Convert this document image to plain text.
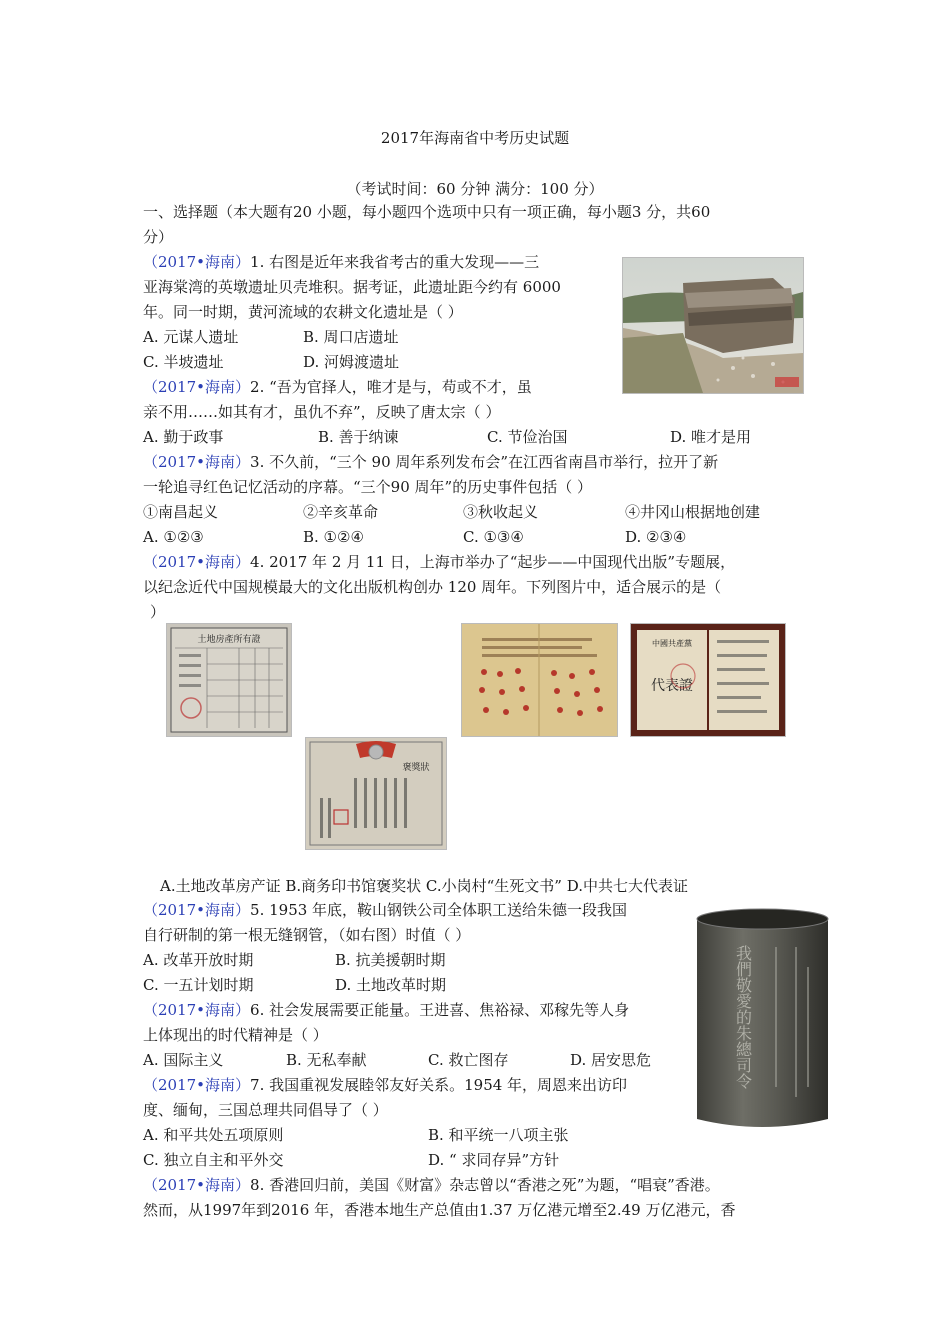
2017年海南省中考历史试题
（考试时间：60 分钟 满分：100 分）
一、选择题（本大题有20 小题，每小题四个选项中只有一项正确，每小题3 分，共60
分）
（2017•海南）1. 右图是近年来我省考古的重大发现——三
亚海棠湾的英墩遗址贝壳堆积。据考证，此遗址距今约有 6000
年。同一时期，黄河流域的农耕文化遗址是（ ）
A. 元谋人遗址	B. 周口店遗址
C. 半坡遗址	D. 河姆渡遗址
（2017•海南）2. “吾为官择人，唯才是与，苟或不才，虽
亲不用……如其有才，虽仇不弃”，反映了唐太宗（ ）
A. 勤于政事	B. 善于纳谏	C. 节俭治国	D. 唯才是用
（2017•海南）3. 不久前，“三个 90 周年系列发布会”在江西省南昌市举行，拉开了新
一轮追寻红色记忆活动的序幕。“三个90 周年”的历史事件包括（ ）
①南昌起义	②辛亥革命	③秋收起义	④井冈山根据地创建
A. ①②③	B. ①②④	C. ①③④	D. ②③④
（2017•海南）4. 2017 年 2 月 11 日，上海市举办了“起步——中国现代出版”专题展，
以纪念近代中国规模最大的文化出版机构创办 120 周年。下列图片中，适合展示的是（
）
土地房產所有證	中國共產黨
代表證
褒獎狀
A.土地改革房产证 B.商务印书馆褒奖状 C.小岗村“生死文书” D.中共七大代表证
（2017•海南）5. 1953 年底，鞍山钢铁公司全体职工送给朱德一段我国
自行研制的第一根无缝钢管，（如右图）时值（ ）
A. 改革开放时期	B. 抗美援朝时期
C. 一五计划时期	D. 土地改革时期	我們敬愛的朱總司令
（2017•海南）6. 社会发展需要正能量。王进喜、焦裕禄、邓稼先等人身
上体现出的时代精神是（ ）
A. 国际主义	B. 无私奉献	C. 救亡图存	D. 居安思危
（2017•海南）7. 我国重视发展睦邻友好关系。1954 年，周恩来出访印
度、缅甸，三国总理共同倡导了（ ）
A. 和平共处五项原则	B. 和平统一八项主张
C. 独立自主和平外交	D. “ 求同存异”方针
（2017•海南）8. 香港回归前，美国《财富》杂志曾以“香港之死”为题，“唱衰”香港。
然而，从1997年到2016 年，香港本地生产总值由1.37 万亿港元增至2.49 万亿港元，香
